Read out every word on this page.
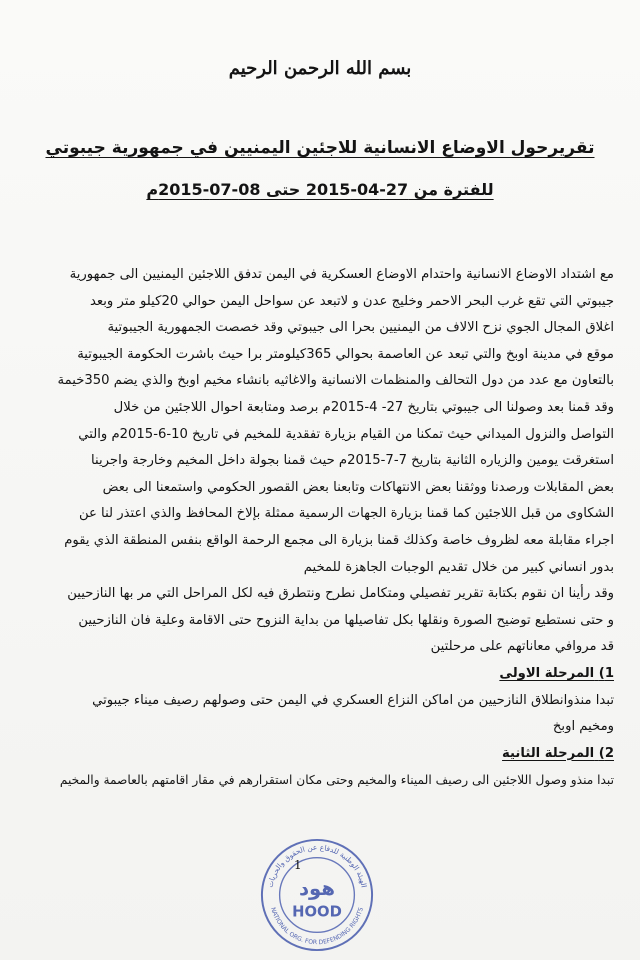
بسم الله الرحمن الرحيم
تقريرحول الاوضاع الانسانية للاجئين اليمنيين في جمهورية جيبوتي
للفترة من 27-04-2015 حتى 08-07-2015م

مع اشتداد الاوضاع الانسانية واحتدام الاوضاع العسكرية في اليمن تدفق اللاجئين اليمنيين الى جمهورية

جيبوتي التي تقع غرب البحر الاحمر وخليج عدن و لاتبعد عن سواحل اليمن حوالي 20كيلو متر وبعد

اغلاق المجال الجوي نزح الالاف من اليمنيين بحرا الى جيبوتي وقد خصصت الجمهورية الجيبوتية

موقع في مدينة اوبخ والتي تبعد عن العاصمة بحوالي 365كيلومتر برا حيث باشرت الحكومة الجيبوتية

بالتعاون مع عدد من دول التحالف والمنظمات الانسانية والاغاثيه بانشاء مخيم اوبخ والذي يضم 350خيمة

وقد قمنا بعد وصولنا الى جيبوتي بتاريخ 27- 4-2015م برصد ومتابعة احوال اللاجئين من خلال

التواصل والنزول الميداني حيث تمكنا من القيام بزيارة تفقدية للمخيم في تاريخ 10-6-2015م والتي

استغرقت يومين والزياره الثانية بتاريخ 7-7-2015م حيث قمنا بجولة داخل المخيم وخارجة واجرينا

بعض المقابلات ورصدنا ووثقنا بعض الانتهاكات وتابعنا بعض القصور الحكومي واستمعنا الى بعض

الشكاوى من قبل اللاجئين كما قمنا بزيارة الجهات الرسمية ممثلة بإلاخ المحافظ والذي اعتذر لنا عن

اجراء مقابلة معه لظروف خاصة وكذلك قمنا بزيارة الى مجمع الرحمة الواقع بنفس المنطقة الذي يقوم

بدور انساني كبير من خلال تقديم الوجبات الجاهزة للمخيم

وقد رأينا ان نقوم بكتابة تقرير تفصيلي ومتكامل نطرح ونتطرق فيه لكل المراحل التي مر بها النازحيين

و حتى نستطيع توضيح الصورة ونقلها بكل تفاصيلها من بداية النزوح حتى الاقامة وعلية فان النازحيين

قد مروافي معاناتهم على مرحلتين

1) المرحلة الاولى

تبدا منذوانطلاق النازحيين من اماكن النزاع العسكري في اليمن حتى وصولهم رصيف ميناء جيبوتي

ومخيم اوبخ

2) المرحلة الثانية

تبدا منذو وصول اللاجئين الى رصيف الميناء والمخيم وحتى مكان استقرارهم في مقار اقامتهم بالعاصمة والمخيم

الهيئة الوطنية للدفاع عن الحقوق والحريات
NATIONAL ORG. FOR DEFENDING RIGHTS
هود
HOOD
1
